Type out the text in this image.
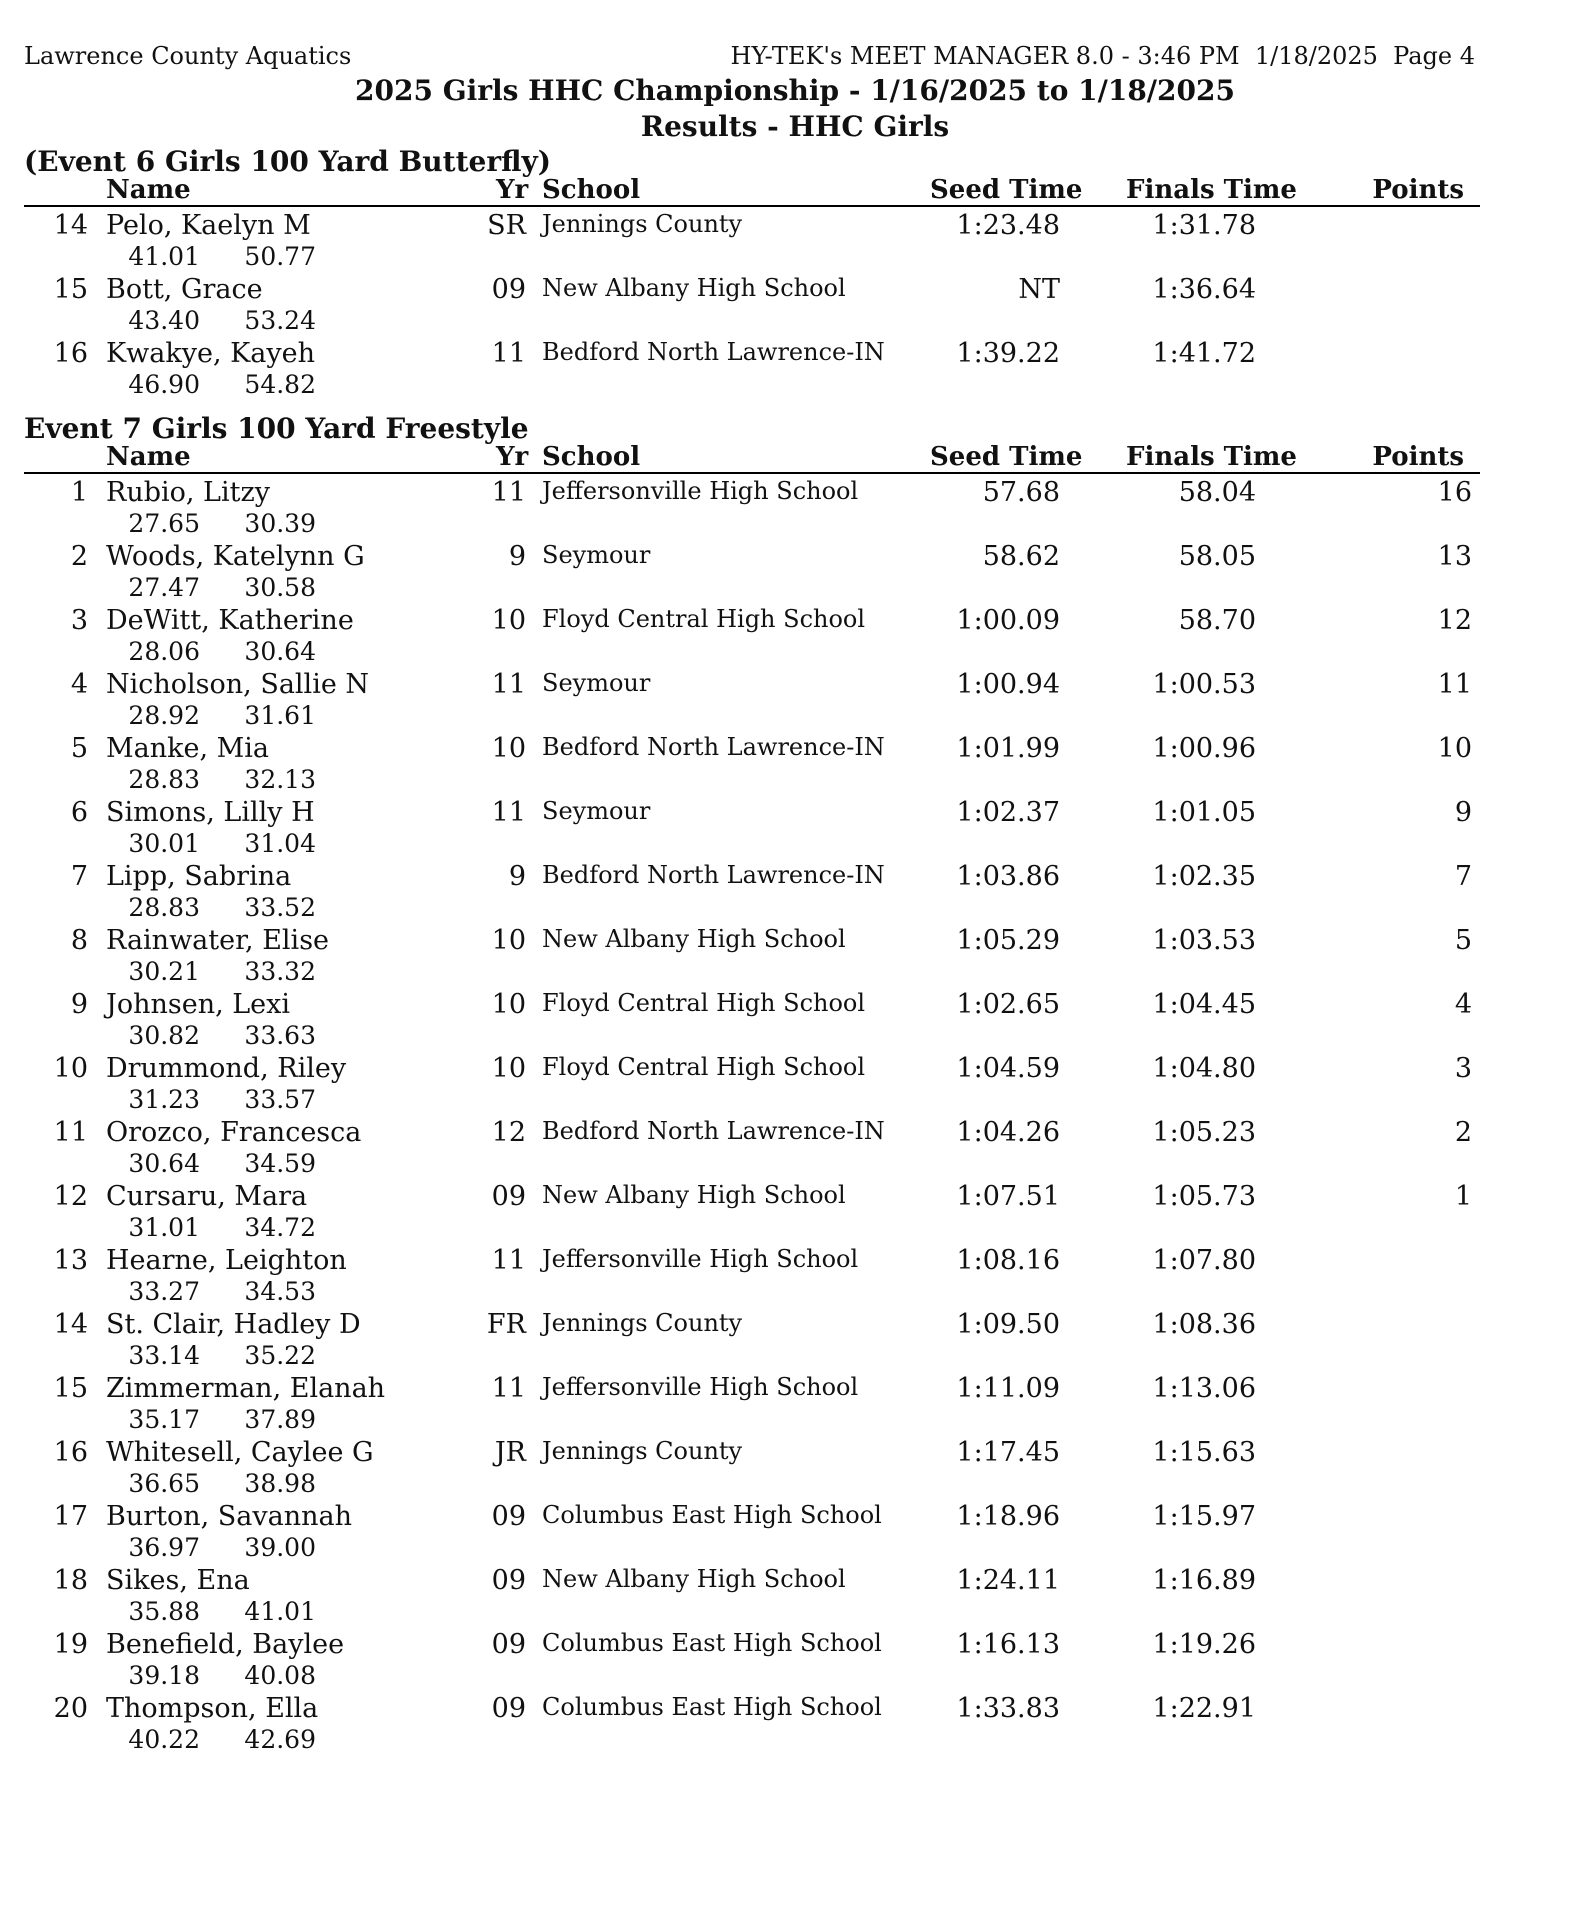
Lawrence County Aquatics	HY-TEK's MEET MANAGER 8.0 - 3:46 PM  1/18/2025  Page 4
2025 Girls HHC Championship - 1/16/2025 to 1/18/2025
Results - HHC Girls
(Event 6 Girls 100 Yard Butterfly)
Name	Yr School	Seed Time Finals Time	Points
14 Pelo, Kaelyn M	SR Jennings County	1:23.48	1:31.78
41.01 50.77
15 Bott, Grace	09 New Albany High School	NT	1:36.64
43.40 53.24
16 Kwakye, Kayeh	11 Bedford North Lawrence-IN	1:39.22	1:41.72
46.90 54.82
Event 7 Girls 100 Yard Freestyle
Name	Yr School	Seed Time Finals Time	Points
1 Rubio, Litzy	11 Jeffersonville High School	57.68	58.04	16
27.65 30.39
2 Woods, Katelynn G	9 Seymour	58.62	58.05	13
27.47 30.58
3 DeWitt, Katherine	10 Floyd Central High School	1:00.09	58.70	12
28.06 30.64
4 Nicholson, Sallie N	11 Seymour	1:00.94	1:00.53	11
28.92 31.61
5 Manke, Mia	10 Bedford North Lawrence-IN	1:01.99	1:00.96	10
28.83 32.13
6 Simons, Lilly H	11 Seymour	1:02.37	1:01.05	9
30.01 31.04
7 Lipp, Sabrina	9 Bedford North Lawrence-IN	1:03.86	1:02.35	7
28.83 33.52
8 Rainwater, Elise	10 New Albany High School	1:05.29	1:03.53	5
30.21 33.32
9 Johnsen, Lexi	10 Floyd Central High School	1:02.65	1:04.45	4
30.82 33.63
10 Drummond, Riley	10 Floyd Central High School	1:04.59	1:04.80	3
31.23 33.57
11 Orozco, Francesca	12 Bedford North Lawrence-IN	1:04.26	1:05.23	2
30.64 34.59
12 Cursaru, Mara	09 New Albany High School	1:07.51	1:05.73	1
31.01 34.72
13 Hearne, Leighton	11 Jeffersonville High School	1:08.16	1:07.80
33.27 34.53
14 St. Clair, Hadley D	FR Jennings County	1:09.50	1:08.36
33.14 35.22
15 Zimmerman, Elanah	11 Jeffersonville High School	1:11.09	1:13.06
35.17 37.89
16 Whitesell, Caylee G	JR Jennings County	1:17.45	1:15.63
36.65 38.98
17 Burton, Savannah	09 Columbus East High School	1:18.96	1:15.97
36.97 39.00
18 Sikes, Ena	09 New Albany High School	1:24.11	1:16.89
35.88 41.01
19 Benefield, Baylee	09 Columbus East High School	1:16.13	1:19.26
39.18 40.08
20 Thompson, Ella	09 Columbus East High School	1:33.83	1:22.91
40.22 42.69
